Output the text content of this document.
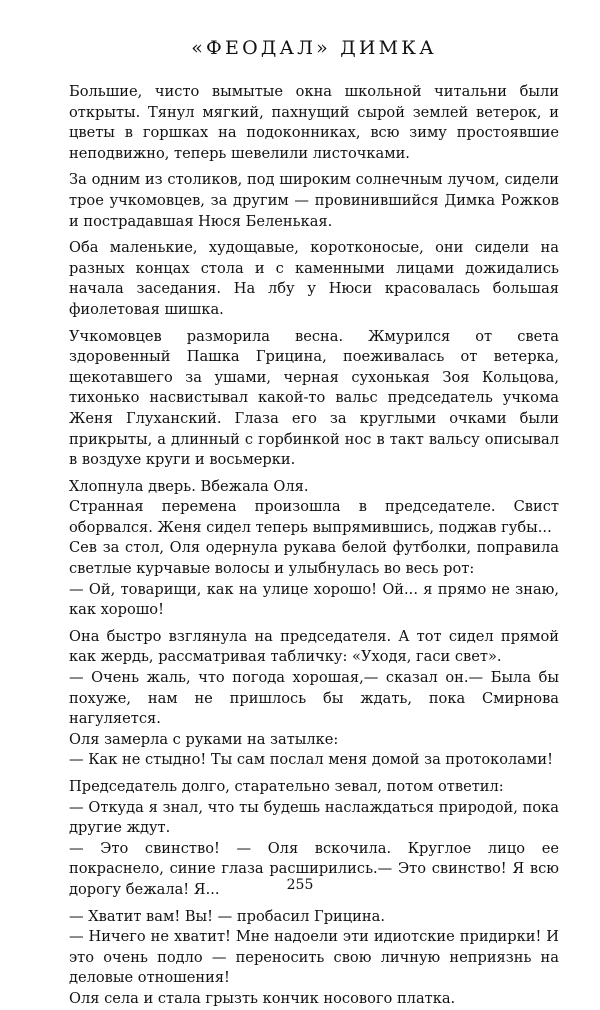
«ФЕОДАЛ» ДИМКА

Большие, чисто вымытые окна школьной читальни были открыты. Тянул мягкий, пахнущий сырой землей ветерок, и цветы в горшках на подоконниках, всю зиму простоявшие неподвижно, теперь шевелили листочками.

За одним из столиков, под широким солнечным лучом, сидели трое учкомовцев, за другим — провинившийся Димка Рожков и пострадавшая Нюся Беленькая.

Оба маленькие, худощавые, коротконосые, они сидели на разных концах стола и с каменными лицами дожидались начала заседания. На лбу у Нюси красовалась большая фиолетовая шишка.

Учкомовцев разморила весна. Жмурился от света здоровенный Пашка Грицина, поеживалась от ветерка, щекотавшего за ушами, черная сухонькая Зоя Кольцова, тихонько насвистывал какой-то вальс председатель учкома Женя Глуханский. Глаза его за круглыми очками были прикрыты, а длинный с горбинкой нос в такт вальсу описывал в воздухе круги и восьмерки.

Хлопнула дверь. Вбежала Оля.

Странная перемена произошла в председателе. Свист оборвался. Женя сидел теперь выпрямившись, поджав губы...

Сев за стол, Оля одернула рукава белой футболки, поправила светлые курчавые волосы и улыбнулась во весь рот:

— Ой, товарищи, как на улице хорошо! Ой... я прямо не знаю, как хорошо!

Она быстро взглянула на председателя. А тот сидел прямой как жердь, рассматривая табличку: «Уходя, гаси свет».

— Очень жаль, что погода хорошая,— сказал он.— Была бы похуже, нам не пришлось бы ждать, пока Смирнова нагуляется.

Оля замерла с руками на затылке:

— Как не стыдно! Ты сам послал меня домой за протоколами!

Председатель долго, старательно зевал, потом ответил:

— Откуда я знал, что ты будешь наслаждаться природой, пока другие ждут.

— Это свинство! — Оля вскочила. Круглое лицо ее покраснело, синие глаза расширились.— Это свинство! Я всю дорогу бежала! Я...

— Хватит вам! Вы! — пробасил Грицина.

— Ничего не хватит! Мне надоели эти идиотские придирки! И это очень подло — переносить свою личную неприязнь на деловые отношения!

Оля села и стала грызть кончик носового платка.

255
